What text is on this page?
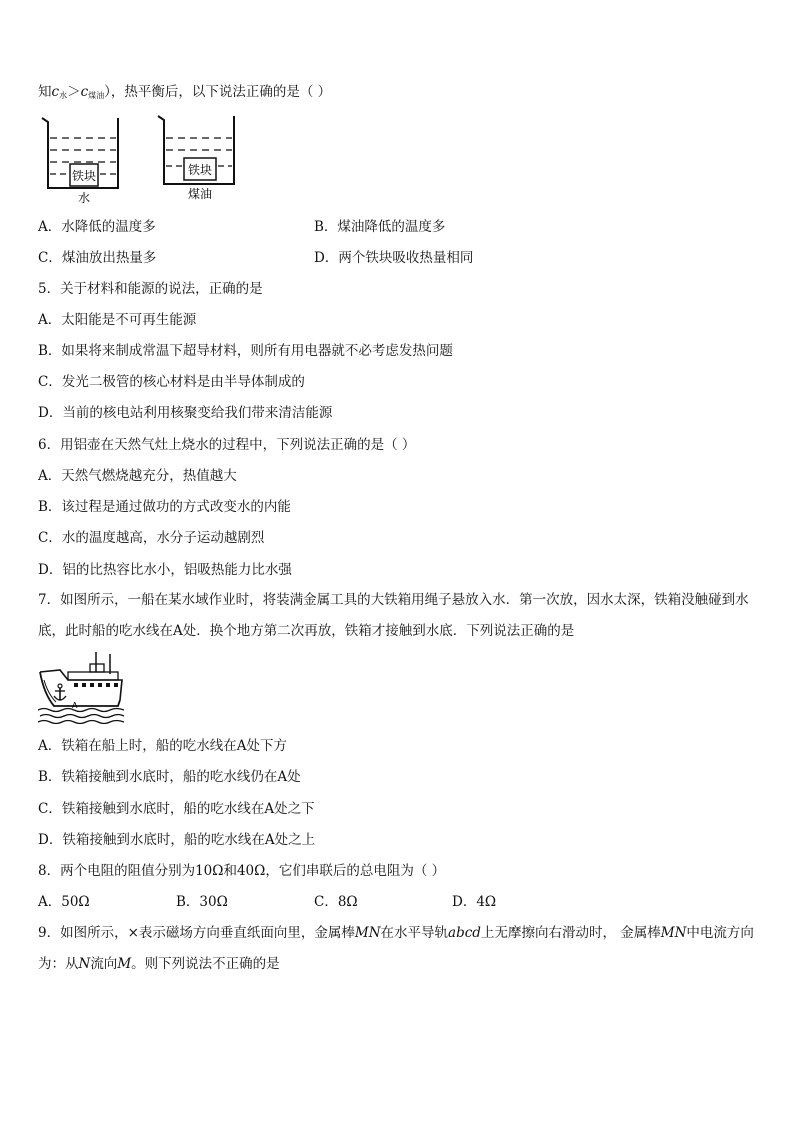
知$c_水>c_{煤油}$），热平衡后，以下说法正确的是（ ）
铁块
水
铁块
煤油
A．水降低的温度多	B．煤油降低的温度多
C．煤油放出热量多	D．两个铁块吸收热量相同
5．关于材料和能源的说法，正确的是
A．太阳能是不可再生能源
B．如果将来制成常温下超导材料，则所有用电器就不必考虑发热问题
C．发光二极管的核心材料是由半导体制成的
D．当前的核电站利用核聚变给我们带来清洁能源
6．用铝壶在天然气灶上烧水的过程中，下列说法正确的是（ ）
A．天然气燃烧越充分，热值越大
B．该过程是通过做功的方式改变水的内能
C．水的温度越高，水分子运动越剧烈
D．铝的比热容比水小，铝吸热能力比水强
7．如图所示，一船在某水域作业时，将装满金属工具的大铁箱用绳子悬放入水．第一次放，因水太深，铁箱没触碰到水底，此时船的吃水线在A处．换个地方第二次再放，铁箱才接触到水底．下列说法正确的是
A
A．铁箱在船上时，船的吃水线在A处下方
B．铁箱接触到水底时，船的吃水线仍在A处
C．铁箱接触到水底时，船的吃水线在A处之下
D．铁箱接触到水底时，船的吃水线在A处之上
8．两个电阻的阻值分别为10Ω和40Ω，它们串联后的总电阻为（ ）
A．50Ω	B．30Ω	C．8Ω	D．4Ω
9．如图所示，×表示磁场方向垂直纸面向里，金属棒MN在水平导轨abcd上无摩擦向右滑动时， 金属棒MN中电流方向为：从N流向M。则下列说法不正确的是
